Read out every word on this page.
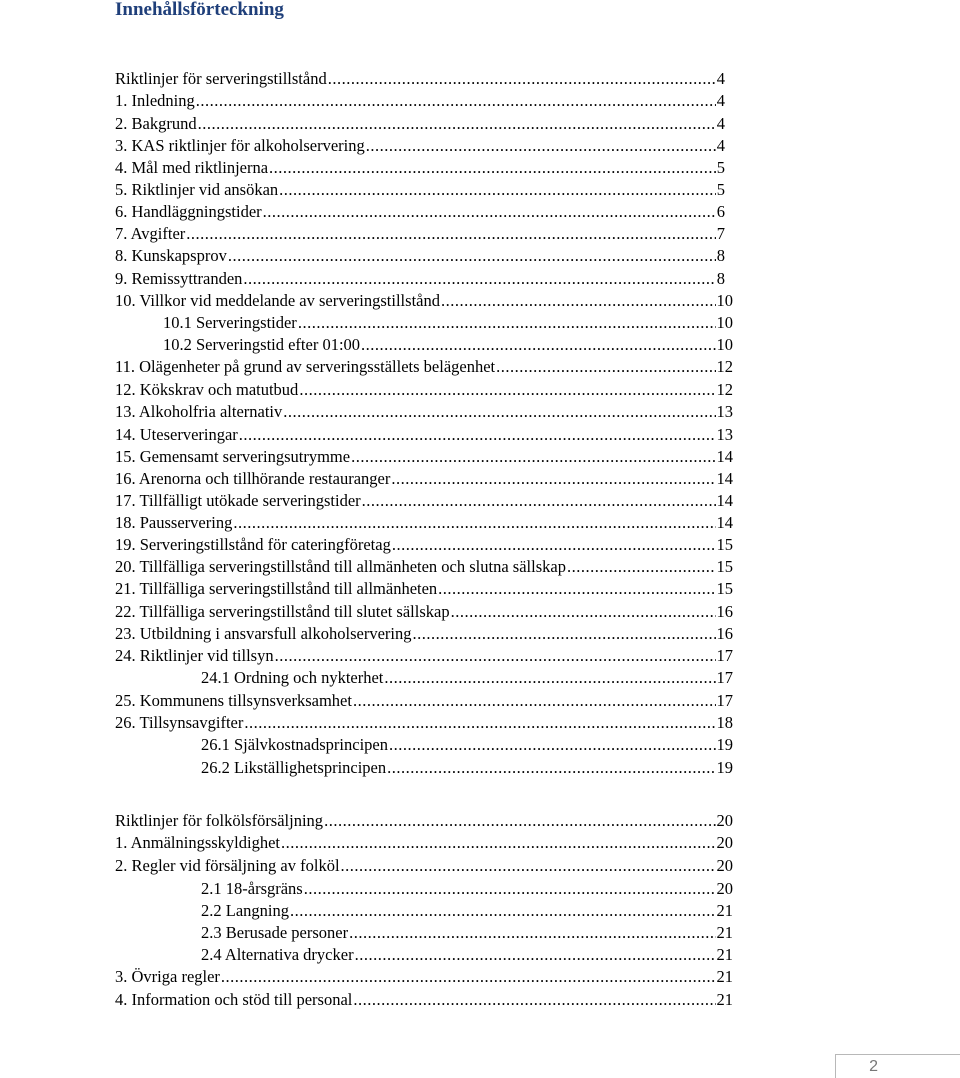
Innehållsförteckning
Riktlinjer för serveringstillstånd .....	4
1. Inledning .....	4
2. Bakgrund .....	4
3. KAS riktlinjer för alkoholservering .....	4
4. Mål med riktlinjerna .....	5
5. Riktlinjer vid ansökan .....	5
6. Handläggningstider .....	6
7. Avgifter .....	7
8. Kunskapsprov .....	8
9. Remissyttranden .....	8
10. Villkor vid meddelande av serveringstillstånd .....	10
10.1 Serveringstider .....	10
10.2 Serveringstid efter 01:00 .....	10
11. Olägenheter på grund av serveringsställets belägenhet .....	12
12. Kökskrav och matutbud .....	12
13. Alkoholfria alternativ .....	13
14. Uteserveringar .....	13
15. Gemensamt serveringsutrymme .....	14
16. Arenorna och tillhörande restauranger .....	14
17. Tillfälligt utökade serveringstider .....	14
18. Pausservering .....	14
19. Serveringstillstånd för cateringföretag .....	15
20. Tillfälliga serveringstillstånd till allmänheten och slutna sällskap .....	15
21. Tillfälliga serveringstillstånd till allmänheten .....	15
22. Tillfälliga serveringstillstånd till slutet sällskap .....	16
23. Utbildning i ansvarsfull alkoholservering .....	16
24. Riktlinjer vid tillsyn .....	17
24.1 Ordning och nykterhet .....	17
25. Kommunens tillsynsverksamhet .....	17
26. Tillsynsavgifter .....	18
26.1 Självkostnadsprincipen .....	19
26.2 Likställighetsprincipen .....	19
Riktlinjer för folkölsförsäljning .....	20
1. Anmälningsskyldighet .....	20
2. Regler vid försäljning av folköl .....	20
2.1 18-årsgräns .....	20
2.2 Langning .....	21
2.3 Berusade personer .....	21
2.4 Alternativa drycker .....	21
3. Övriga regler .....	21
4. Information och stöd till personal .....	21
2
